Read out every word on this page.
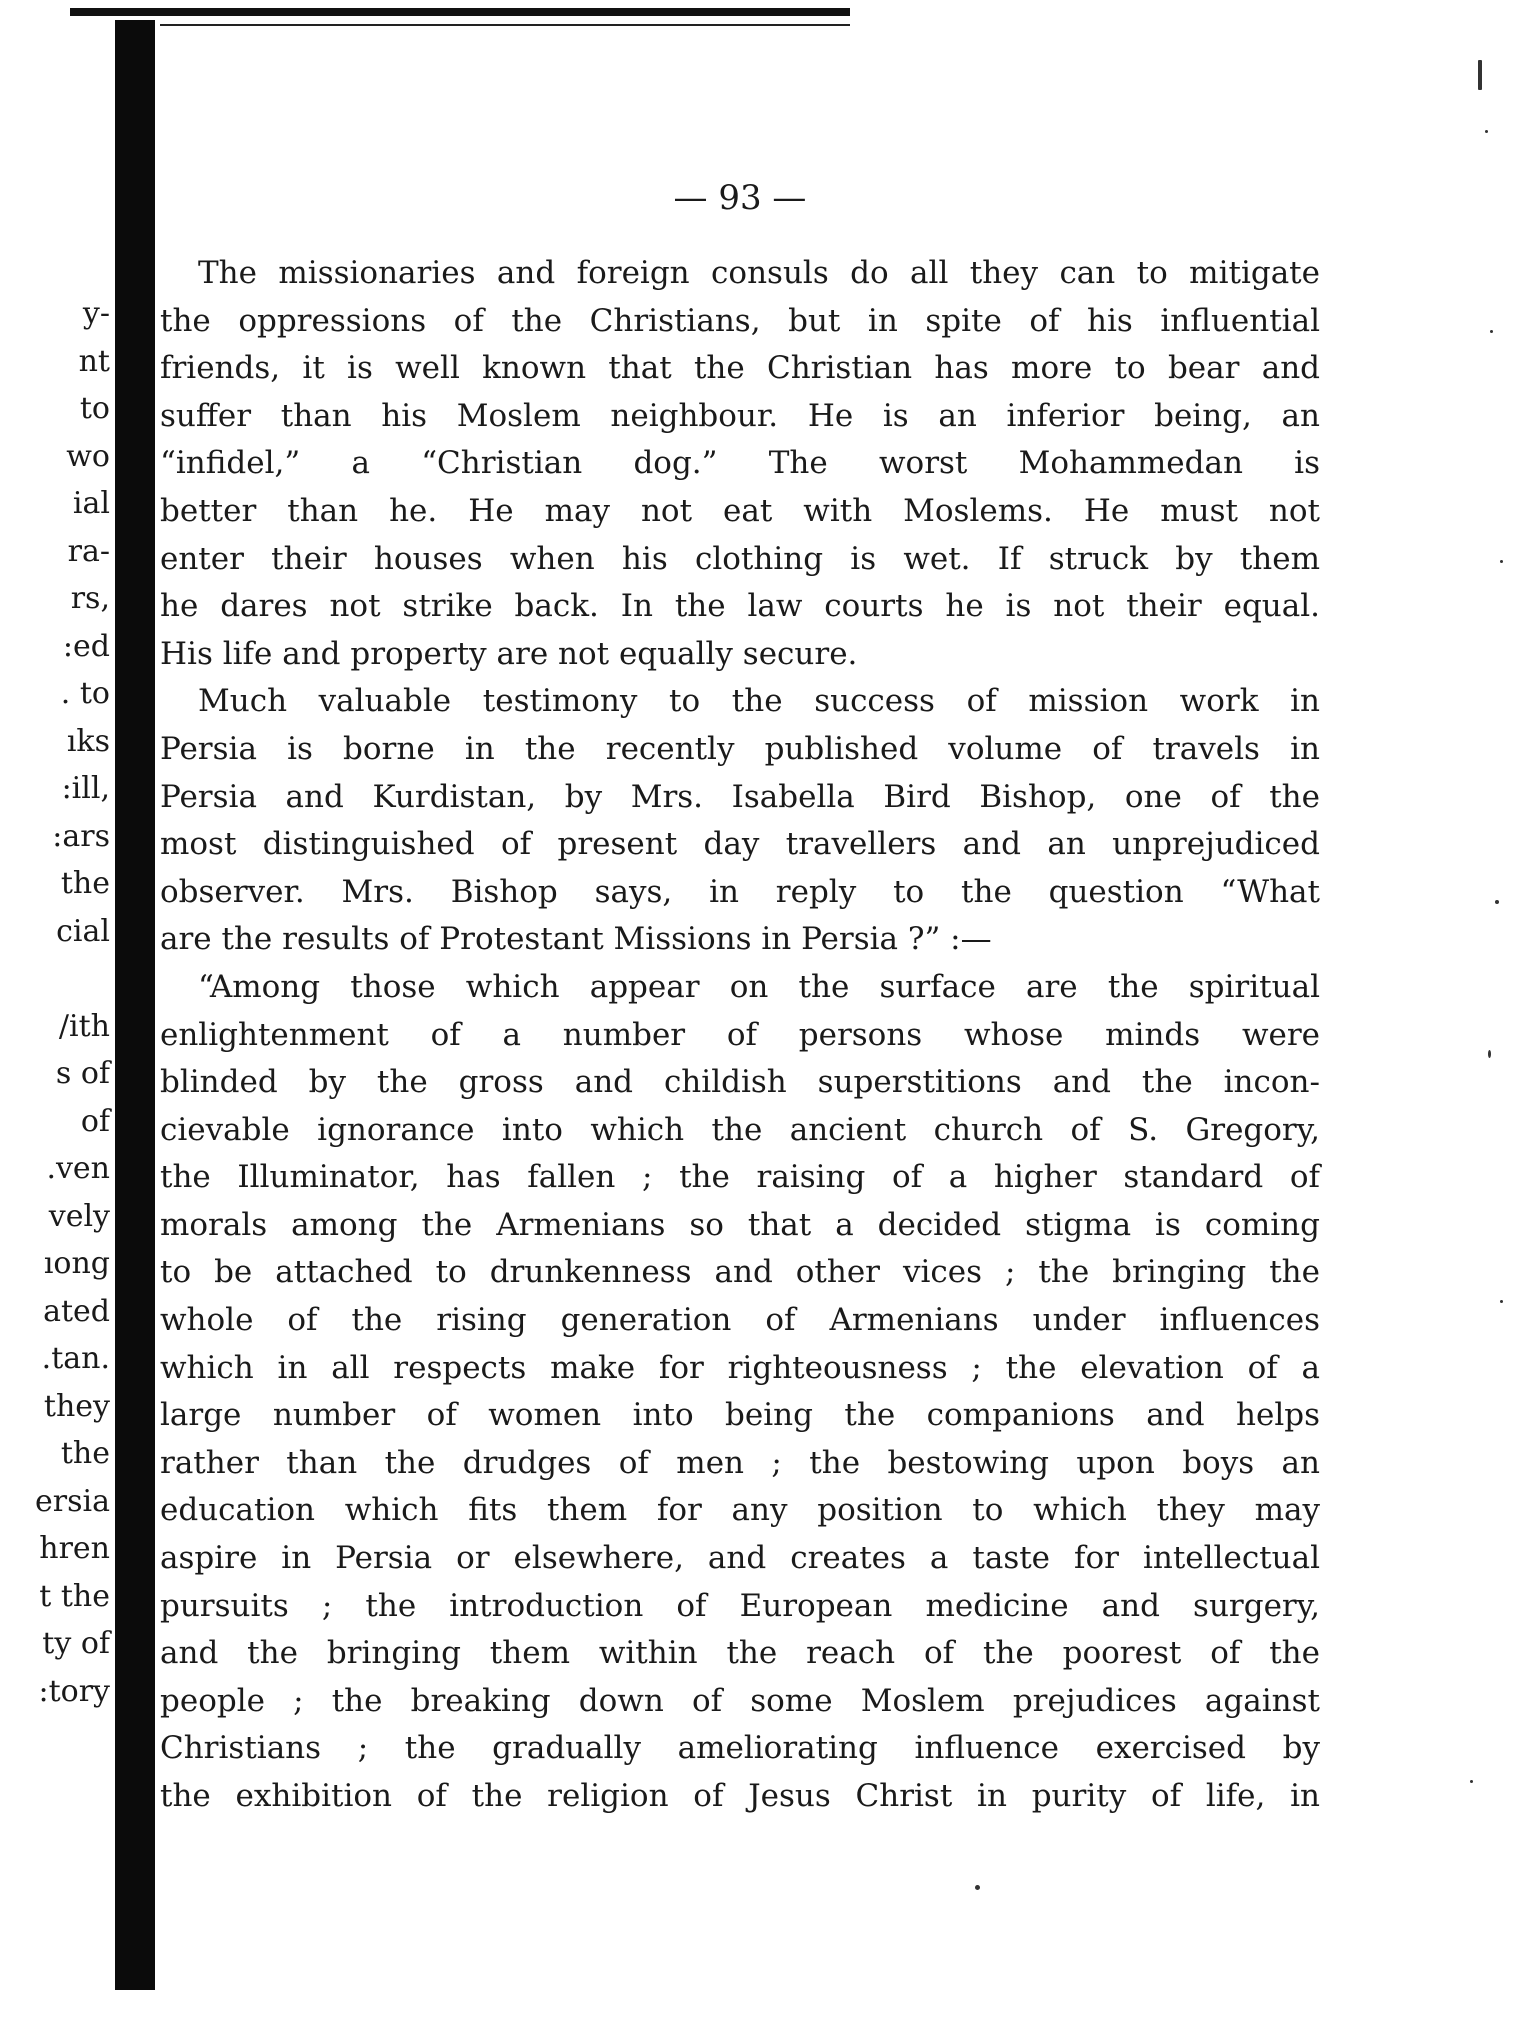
y-
nt
to
wo
ial
ra-
rs,
:ed
. to
ıks
:ill,
:ars
the
cial
/ith
s of
of
.ven
vely
ıong
ated
.tan.
they
the
ersia
hren
t the
ty of
:tory
— 93 —
The missionaries and foreign consuls do all they can to mitigate
the oppressions of the Christians, but in spite of his influential
friends, it is well known that the Christian has more to bear and
suffer than his Moslem neighbour. He is an inferior being, an
“infidel,” a “Christian dog.” The worst Mohammedan is
better than he. He may not eat with Moslems. He must not
enter their houses when his clothing is wet. If struck by them
he dares not strike back. In the law courts he is not their equal.
His life and property are not equally secure.
Much valuable testimony to the success of mission work in
Persia is borne in the recently published volume of travels in
Persia and Kurdistan, by Mrs. Isabella Bird Bishop, one of the
most distinguished of present day travellers and an unprejudiced
observer. Mrs. Bishop says, in reply to the question “What
are the results of Protestant Missions in Persia ?” :—
“Among those which appear on the surface are the spiritual
enlightenment of a number of persons whose minds were
blinded by the gross and childish superstitions and the incon-
cievable ignorance into which the ancient church of S. Gregory,
the Illuminator, has fallen ; the raising of a higher standard of
morals among the Armenians so that a decided stigma is coming
to be attached to drunkenness and other vices ; the bringing the
whole of the rising generation of Armenians under influences
which in all respects make for righteousness ; the elevation of a
large number of women into being the companions and helps
rather than the drudges of men ; the bestowing upon boys an
education which fits them for any position to which they may
aspire in Persia or elsewhere, and creates a taste for intellectual
pursuits ; the introduction of European medicine and surgery,
and the bringing them within the reach of the poorest of the
people ; the breaking down of some Moslem prejudices against
Christians ; the gradually ameliorating influence exercised by
the exhibition of the religion of Jesus Christ in purity of life, in
